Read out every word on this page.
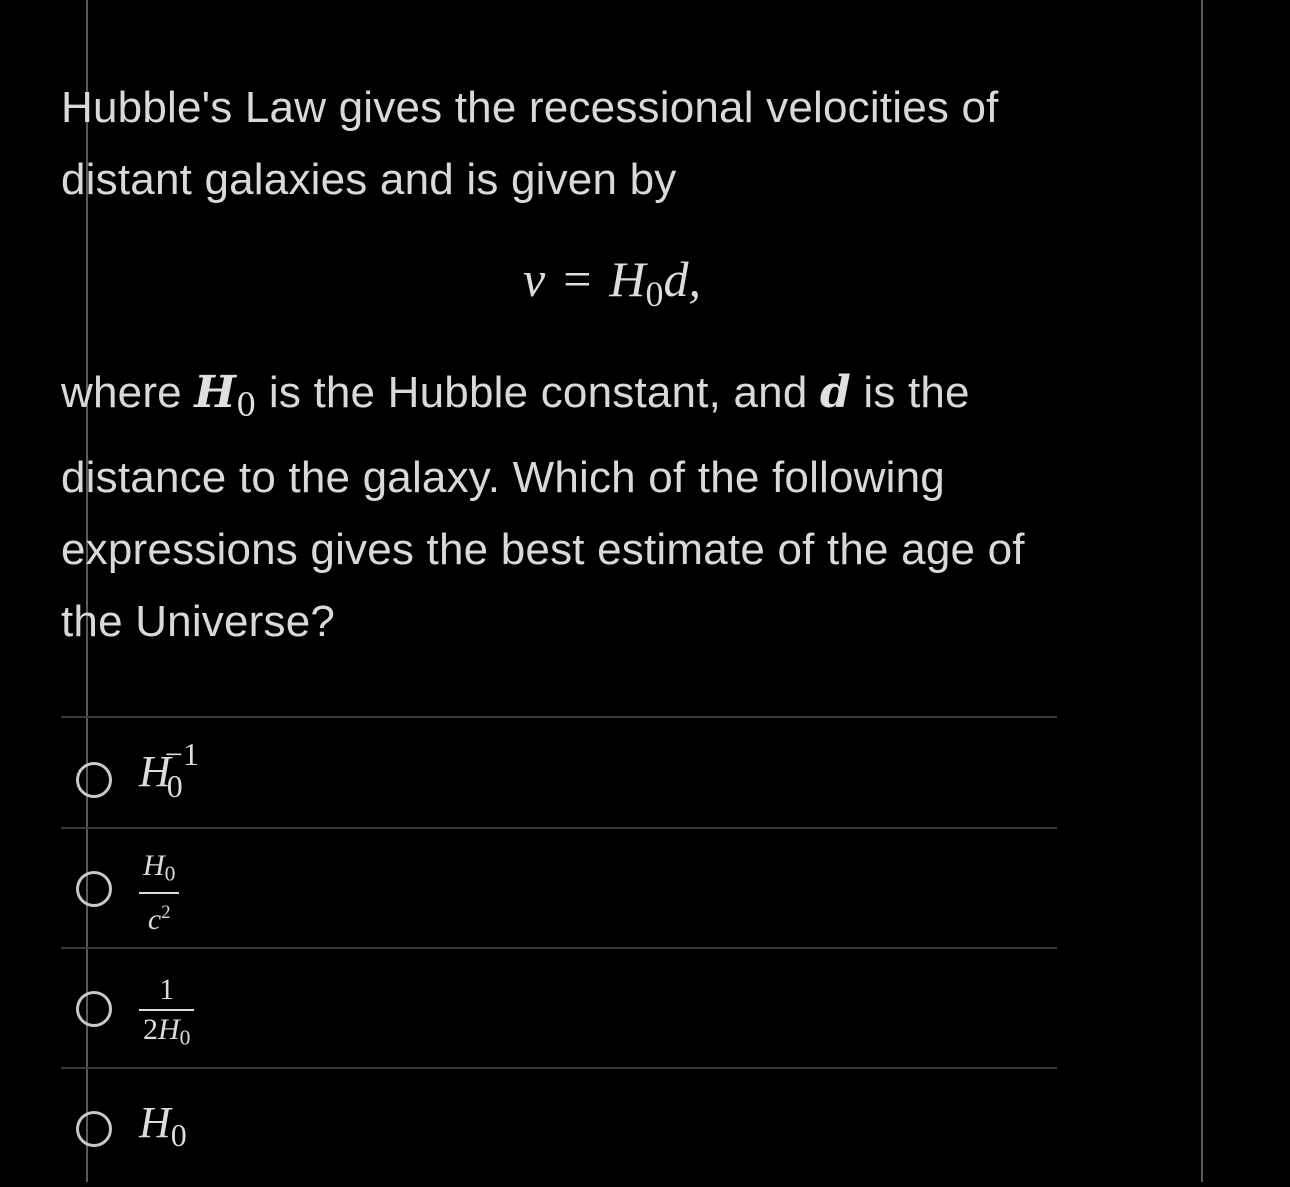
Hubble's Law gives the recessional velocities of distant galaxies and is given by

$v = H_0d$,

where $H_0$ is the Hubble constant, and d is the distance to the galaxy. Which of the following expressions gives the best estimate of the age of the Universe?

H
−1
0
$\frac{H0}{c^2}$
$\frac{1}{2H0}$
$H_0$
